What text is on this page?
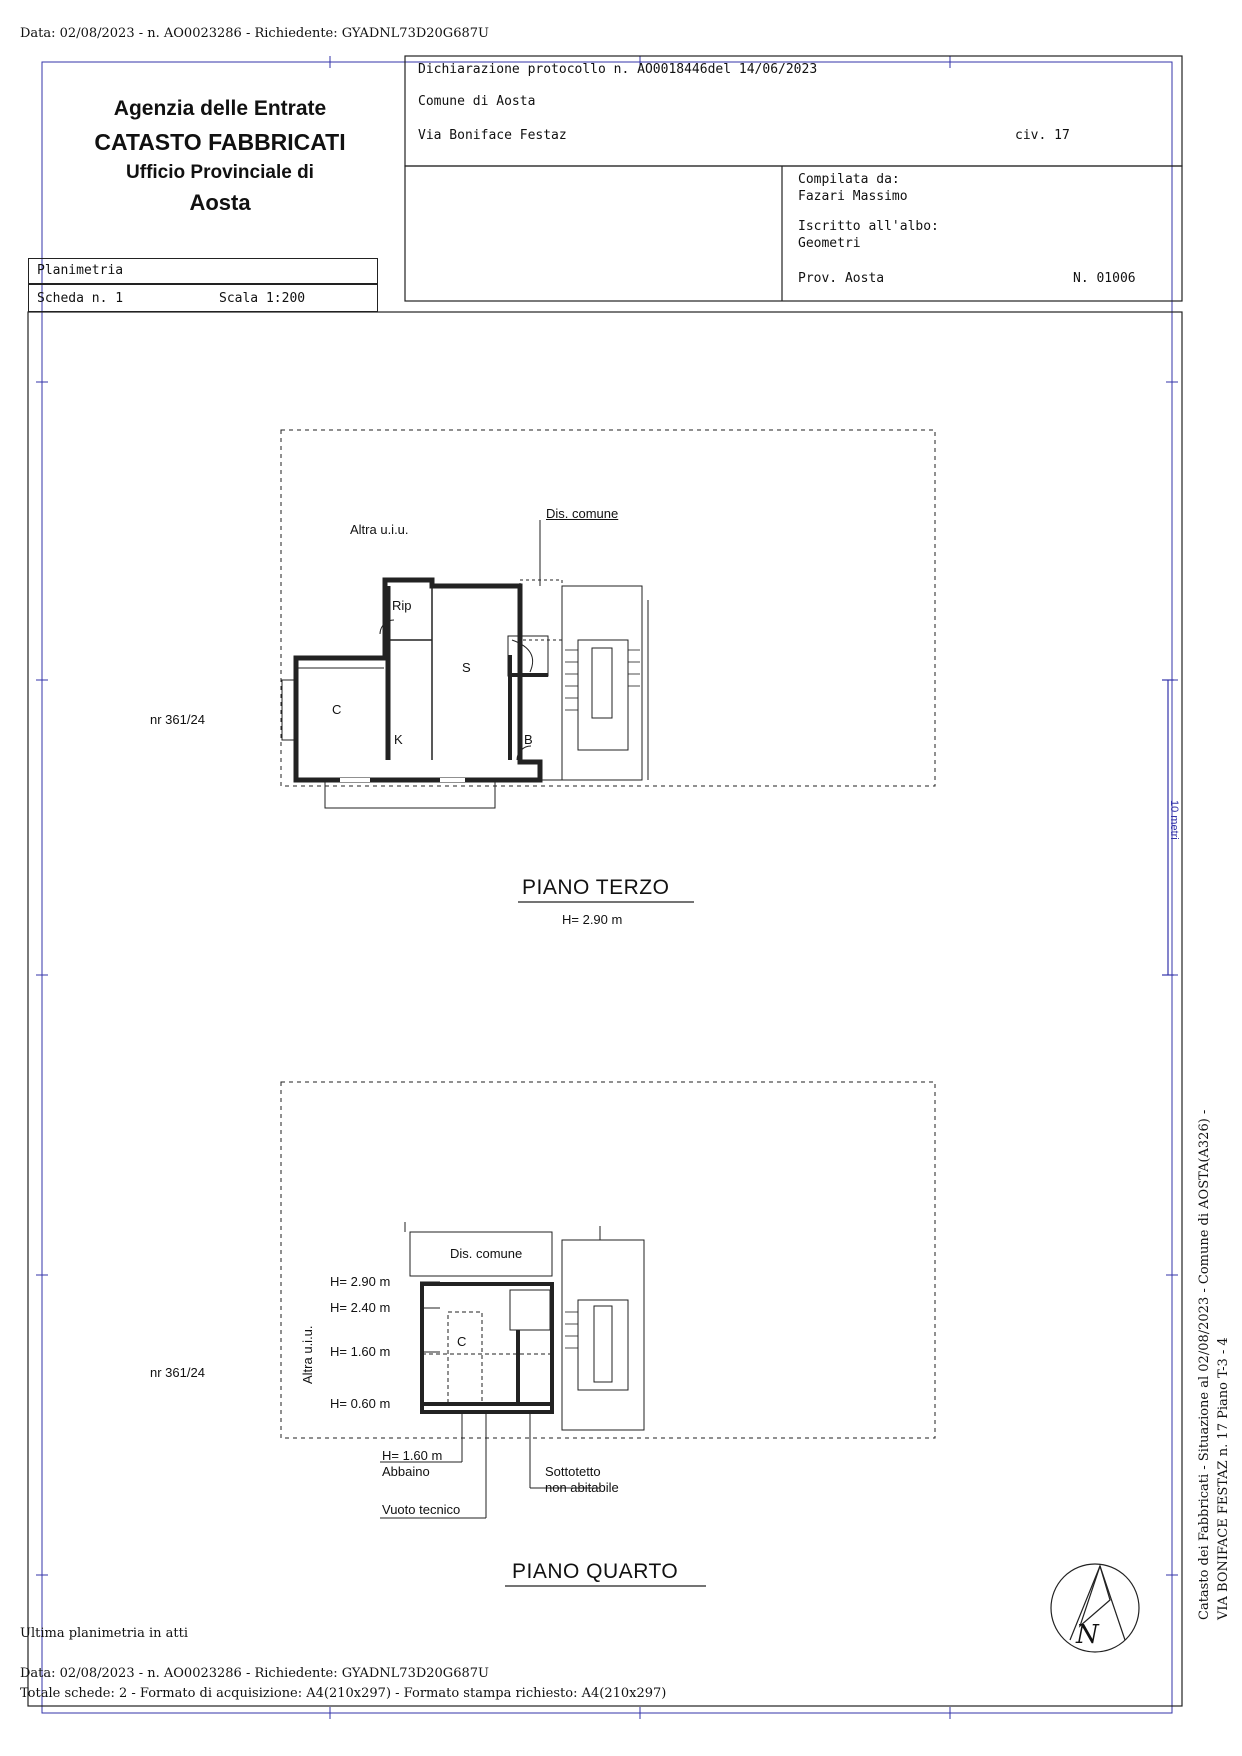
Data: 02/08/2023 - n. AO0023286 - Richiedente: GYADNL73D20G687U
Agenzia delle Entrate
CATASTO FABBRICATI
Ufficio Provinciale di
Aosta
Planimetria
Scheda n. 1	Scala 1:200
Dichiarazione protocollo n. AO0018446del 14/06/2023
Comune di Aosta
Via Boniface Festaz	civ. 17
Compilata da:
Fazari Massimo
Iscritto all'albo:
Geometri
Prov. Aosta	N. 01006
Altra u.i.u.
Dis. comune
nr 361/24
Rip
C
S
K	B
PIANO TERZO
H= 2.90 m
Dis. comune
nr 361/24
C
H= 2.90 m
H= 2.40 m
H= 1.60 m
H= 0.60 m
Altra u.i.u.
H= 1.60 m
Abbaino	Sottotetto
non abitabile
Vuoto tecnico
PIANO QUARTO
10 metri
N
Ultima planimetria in atti
Data: 02/08/2023 - n. AO0023286 - Richiedente: GYADNL73D20G687U
Totale schede: 2 - Formato di acquisizione: A4(210x297) - Formato stampa richiesto: A4(210x297)
Catasto dei Fabbricati - Situazione al 02/08/2023 - Comune di AOSTA(A326) - VIA BONIFACE FESTAZ n. 17 Piano T-3 - 4
